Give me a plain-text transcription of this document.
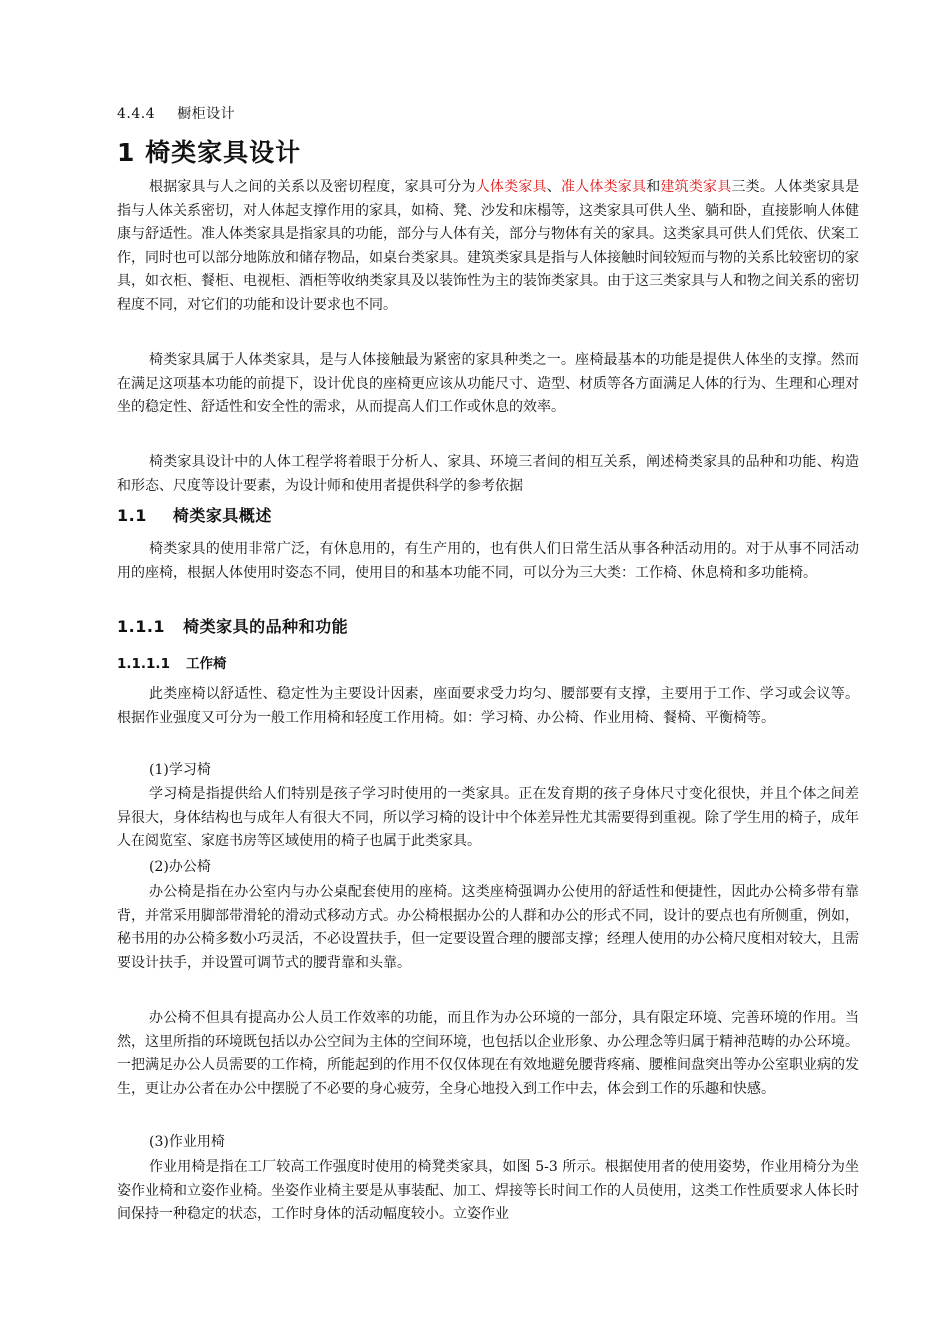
4.4.4 橱柜设计
1 椅类家具设计

根据家具与人之间的关系以及密切程度，家具可分为人体类家具、准人体类家具和建筑类家具三类。人体类家具是指与人体关系密切，对人体起支撑作用的家具，如椅、凳、沙发和床榻等，这类家具可供人坐、躺和卧，直接影响人体健康与舒适性。准人体类家具是指家具的功能，部分与人体有关，部分与物体有关的家具。这类家具可供人们凭依、伏案工作，同时也可以部分地陈放和储存物品，如桌台类家具。建筑类家具是指与人体接触时间较短而与物的关系比较密切的家具，如衣柜、餐柜、电视柜、酒柜等收纳类家具及以装饰性为主的装饰类家具。由于这三类家具与人和物之间关系的密切程度不同，对它们的功能和设计要求也不同。

椅类家具属于人体类家具，是与人体接触最为紧密的家具种类之一。座椅最基本的功能是提供人体坐的支撑。然而在满足这项基本功能的前提下，设计优良的座椅更应该从功能尺寸、造型、材质等各方面满足人体的行为、生理和心理对坐的稳定性、舒适性和安全性的需求，从而提高人们工作或休息的效率。

椅类家具设计中的人体工程学将着眼于分析人、家具、环境三者间的相互关系，阐述椅类家具的品种和功能、构造和形态、尺度等设计要素，为设计师和使用者提供科学的参考依据

1.1 椅类家具概述

椅类家具的使用非常广泛，有休息用的，有生产用的，也有供人们日常生活从事各种活动用的。对于从事不同活动用的座椅，根据人体使用时姿态不同，使用目的和基本功能不同，可以分为三大类：工作椅、休息椅和多功能椅。

1.1.1 椅类家具的品种和功能
1.1.1.1 工作椅

此类座椅以舒适性、稳定性为主要设计因素，座面要求受力均匀、腰部要有支撑，主要用于工作、学习或会议等。根据作业强度又可分为一般工作用椅和轻度工作用椅。如：学习椅、办公椅、作业用椅、餐椅、平衡椅等。

(1)学习椅

学习椅是指提供给人们特别是孩子学习时使用的一类家具。正在发育期的孩子身体尺寸变化很快，并且个体之间差异很大，身体结构也与成年人有很大不同，所以学习椅的设计中个体差异性尤其需要得到重视。除了学生用的椅子，成年人在阅览室、家庭书房等区域使用的椅子也属于此类家具。

(2)办公椅

办公椅是指在办公室内与办公桌配套使用的座椅。这类座椅强调办公使用的舒适性和便捷性，因此办公椅多带有靠背，并常采用脚部带滑轮的滑动式移动方式。办公椅根据办公的人群和办公的形式不同，设计的要点也有所侧重，例如，秘书用的办公椅多数小巧灵活，不必设置扶手，但一定要设置合理的腰部支撑；经理人使用的办公椅尺度相对较大，且需要设计扶手，并设置可调节式的腰背靠和头靠。

办公椅不但具有提高办公人员工作效率的功能，而且作为办公环境的一部分，具有限定环境、完善环境的作用。当然，这里所指的环境既包括以办公空间为主体的空间环境，也包括以企业形象、办公理念等归属于精神范畴的办公环境。一把满足办公人员需要的工作椅，所能起到的作用不仅仅体现在有效地避免腰背疼痛、腰椎间盘突出等办公室职业病的发生，更让办公者在办公中摆脱了不必要的身心疲劳，全身心地投入到工作中去，体会到工作的乐趣和快感。

(3)作业用椅

作业用椅是指在工厂较高工作强度时使用的椅凳类家具，如图 5-3 所示。根据使用者的使用姿势，作业用椅分为坐姿作业椅和立姿作业椅。坐姿作业椅主要是从事装配、加工、焊接等长时间工作的人员使用，这类工作性质要求人体长时间保持一种稳定的状态，工作时身体的活动幅度较小。立姿作业
